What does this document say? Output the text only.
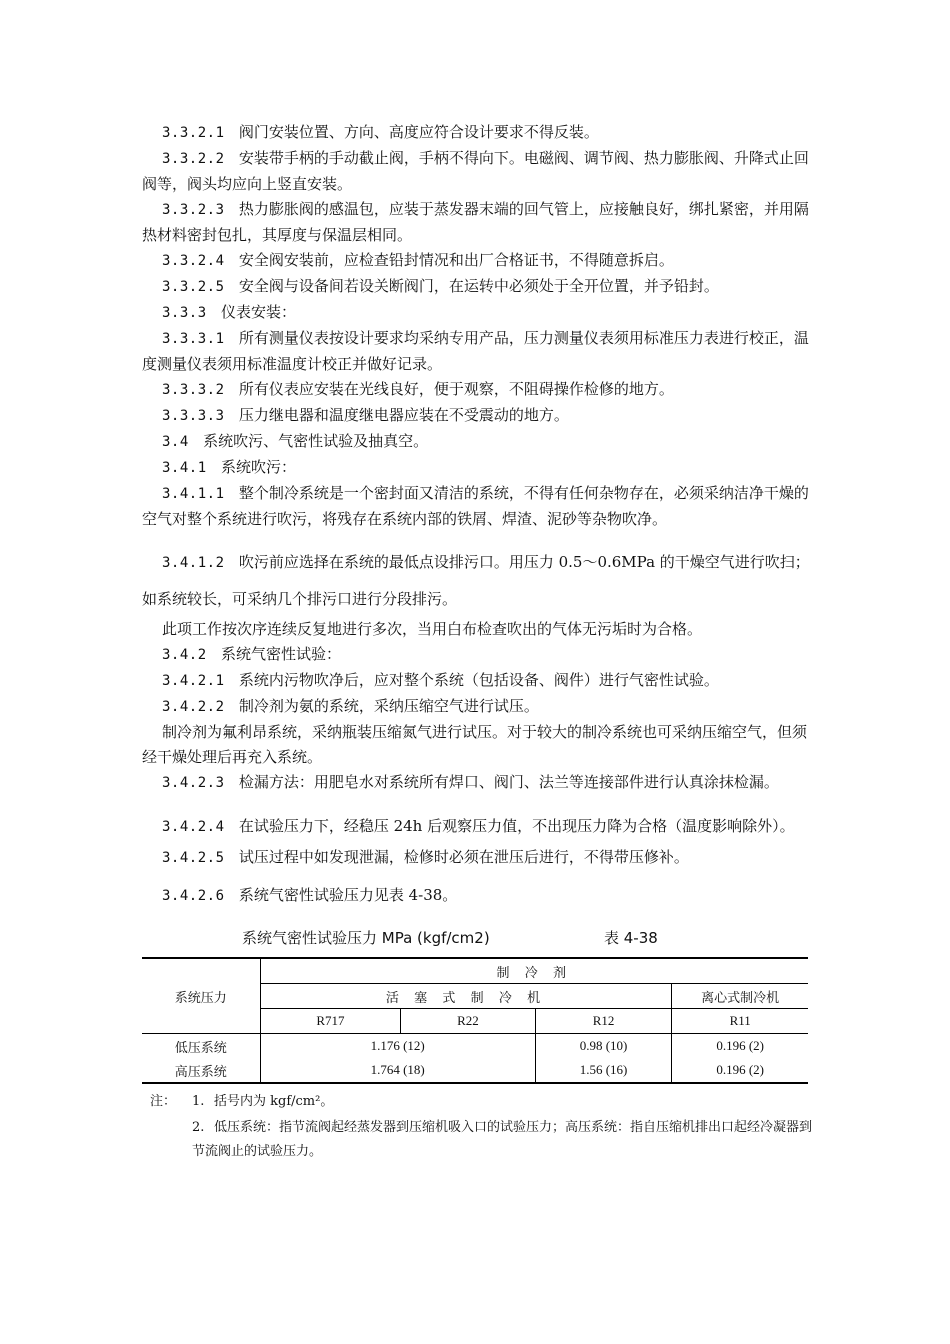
3.3.2.1 阀门安装位置、方向、高度应符合设计要求不得反装。

3.3.2.2 安装带手柄的手动截止阀，手柄不得向下。电磁阀、调节阀、热力膨胀阀、升降式止回阀等，阀头均应向上竖直安装。

3.3.2.3 热力膨胀阀的感温包，应装于蒸发器末端的回气管上，应接触良好，绑扎紧密，并用隔热材料密封包扎，其厚度与保温层相同。

3.3.2.4 安全阀安装前，应检查铅封情况和出厂合格证书，不得随意拆启。

3.3.2.5 安全阀与设备间若设关断阀门，在运转中必须处于全开位置，并予铅封。

3.3.3 仪表安装：

3.3.3.1 所有测量仪表按设计要求均采纳专用产品，压力测量仪表须用标准压力表进行校正，温度测量仪表须用标准温度计校正并做好记录。

3.3.3.2 所有仪表应安装在光线良好，便于观察，不阻碍操作检修的地方。

3.3.3.3 压力继电器和温度继电器应装在不受震动的地方。

3.4 系统吹污、气密性试验及抽真空。

3.4.1 系统吹污：

3.4.1.1 整个制冷系统是一个密封面又清洁的系统，不得有任何杂物存在，必须采纳洁净干燥的空气对整个系统进行吹污，将残存在系统内部的铁屑、焊渣、泥砂等杂物吹净。

3.4.1.2 吹污前应选择在系统的最低点设排污口。用压力 0.5～0.6MPa 的干燥空气进行吹扫；如系统较长，可采纳几个排污口进行分段排污。

此项工作按次序连续反复地进行多次，当用白布检查吹出的气体无污垢时为合格。

3.4.2 系统气密性试验：

3.4.2.1 系统内污物吹净后，应对整个系统（包括设备、阀件）进行气密性试验。

3.4.2.2 制冷剂为氨的系统，采纳压缩空气进行试压。

制冷剂为氟利昂系统，采纳瓶装压缩氮气进行试压。对于较大的制冷系统也可采纳压缩空气，但须经干燥处理后再充入系统。

3.4.2.3 检漏方法：用肥皂水对系统所有焊口、阀门、法兰等连接部件进行认真涂抹检漏。

3.4.2.4 在试验压力下，经稳压 24h 后观察压力值，不出现压力降为合格（温度影响除外）。

3.4.2.5 试压过程中如发现泄漏，检修时必须在泄压后进行，不得带压修补。

3.4.2.6 系统气密性试验压力见表 4-38。

系统气密性试验压力 MPa (kgf/cm2)	表 4-38
系统压力	制 冷 剂			
	活 塞 式 制 冷 机			离心式制冷机
	R717	R22	R12	R11
低压系统	1.176 (12)		0.98 (10)	0.196 (2)
高压系统	1.764 (18)		1.56 (16)	0.196 (2)
注： 1. 括号内为 kgf/cm²。
2. 低压系统：指节流阀起经蒸发器到压缩机吸入口的试验压力；高压系统：指自压缩机排出口起经冷凝器到节流阀止的试验压力。
